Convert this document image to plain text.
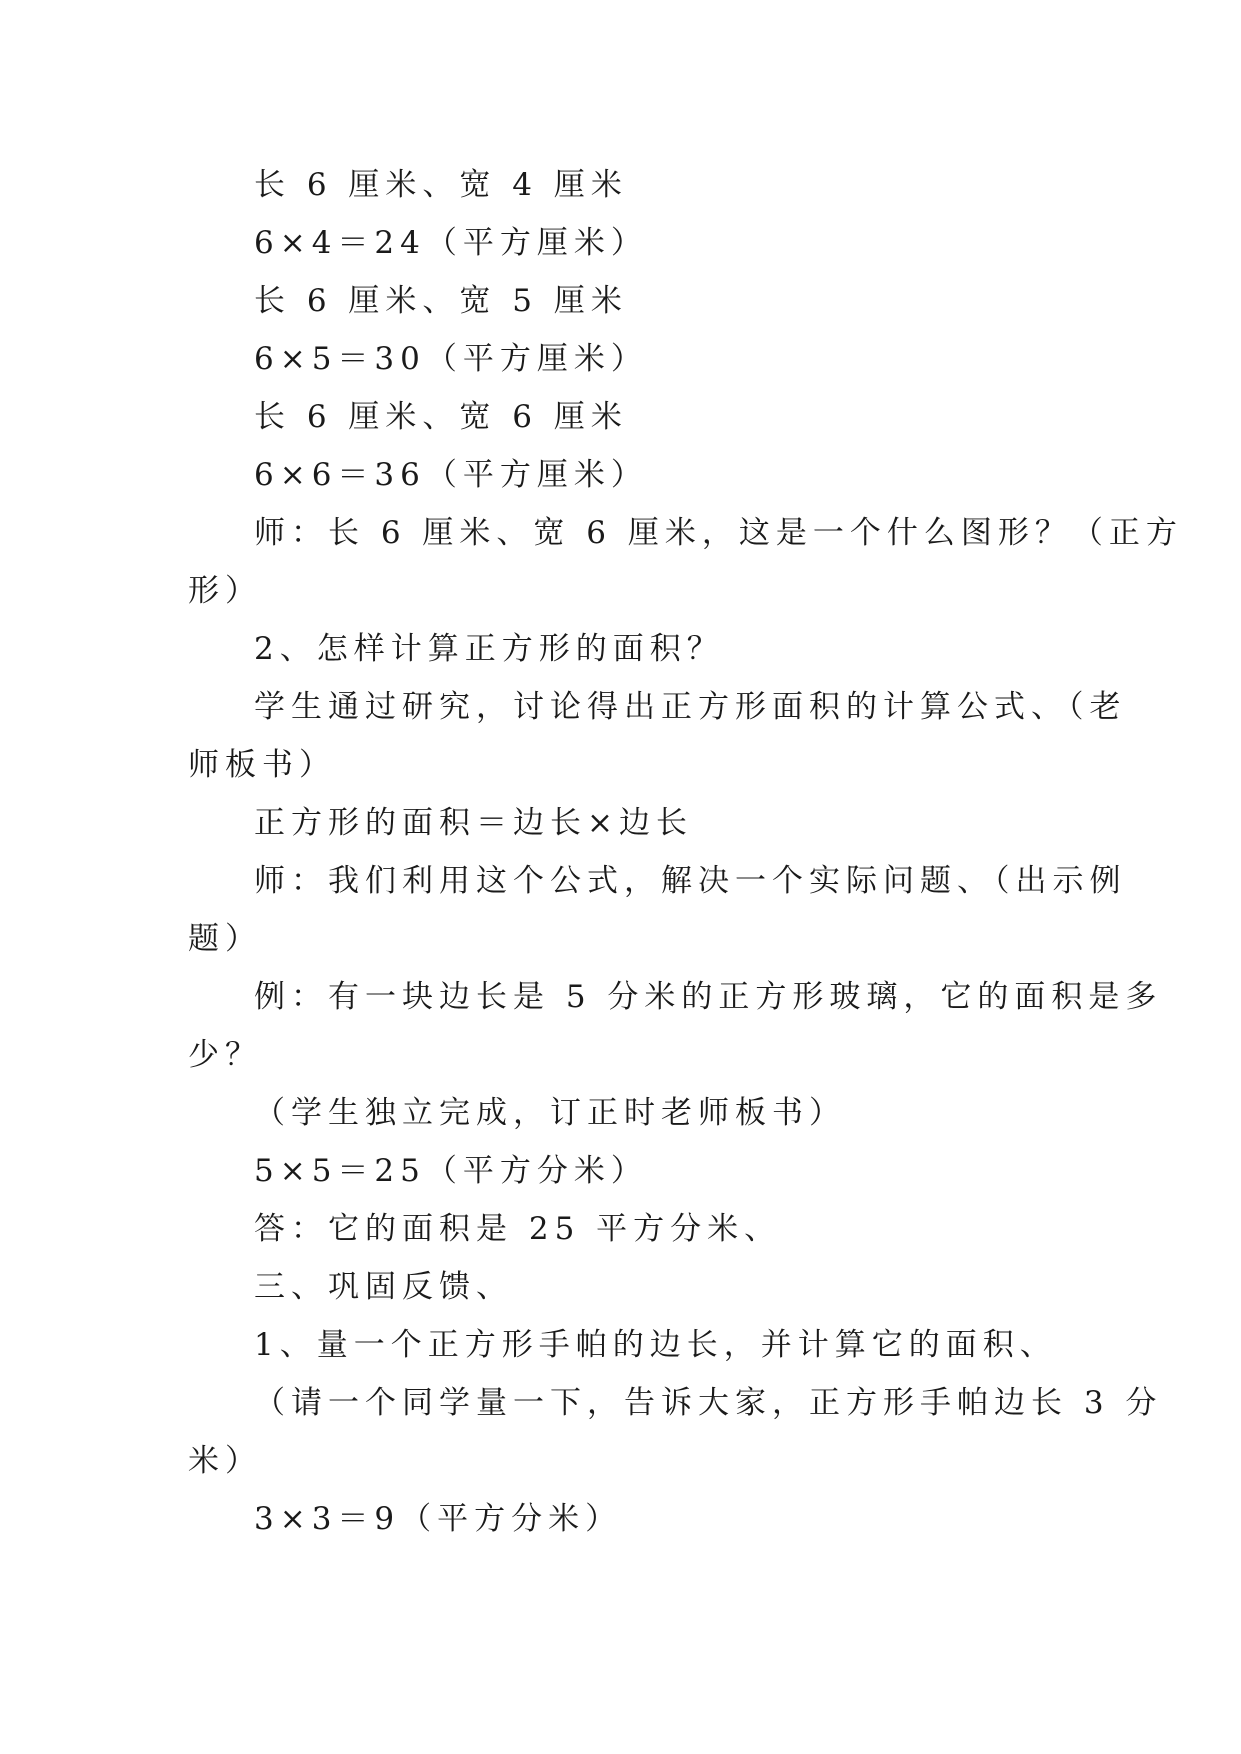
长 6 厘米、宽 4 厘米
6×4＝24（平方厘米）
长 6 厘米、宽 5 厘米
6×5＝30（平方厘米）
长 6 厘米、宽 6 厘米
6×6＝36（平方厘米）
师：长 6 厘米、宽 6 厘米，这是一个什么图形？（正方
形）
2、怎样计算正方形的面积？
学生通过研究，讨论得出正方形面积的计算公式、（老
师板书）
正方形的面积＝边长×边长
师：我们利用这个公式，解决一个实际问题、（出示例
题）
例：有一块边长是 5 分米的正方形玻璃，它的面积是多
少？
（学生独立完成，订正时老师板书）
5×5＝25（平方分米）
答：它的面积是 25 平方分米、
三、巩固反馈、
1、量一个正方形手帕的边长，并计算它的面积、
（请一个同学量一下，告诉大家，正方形手帕边长 3 分
米）
3×3＝9（平方分米）
